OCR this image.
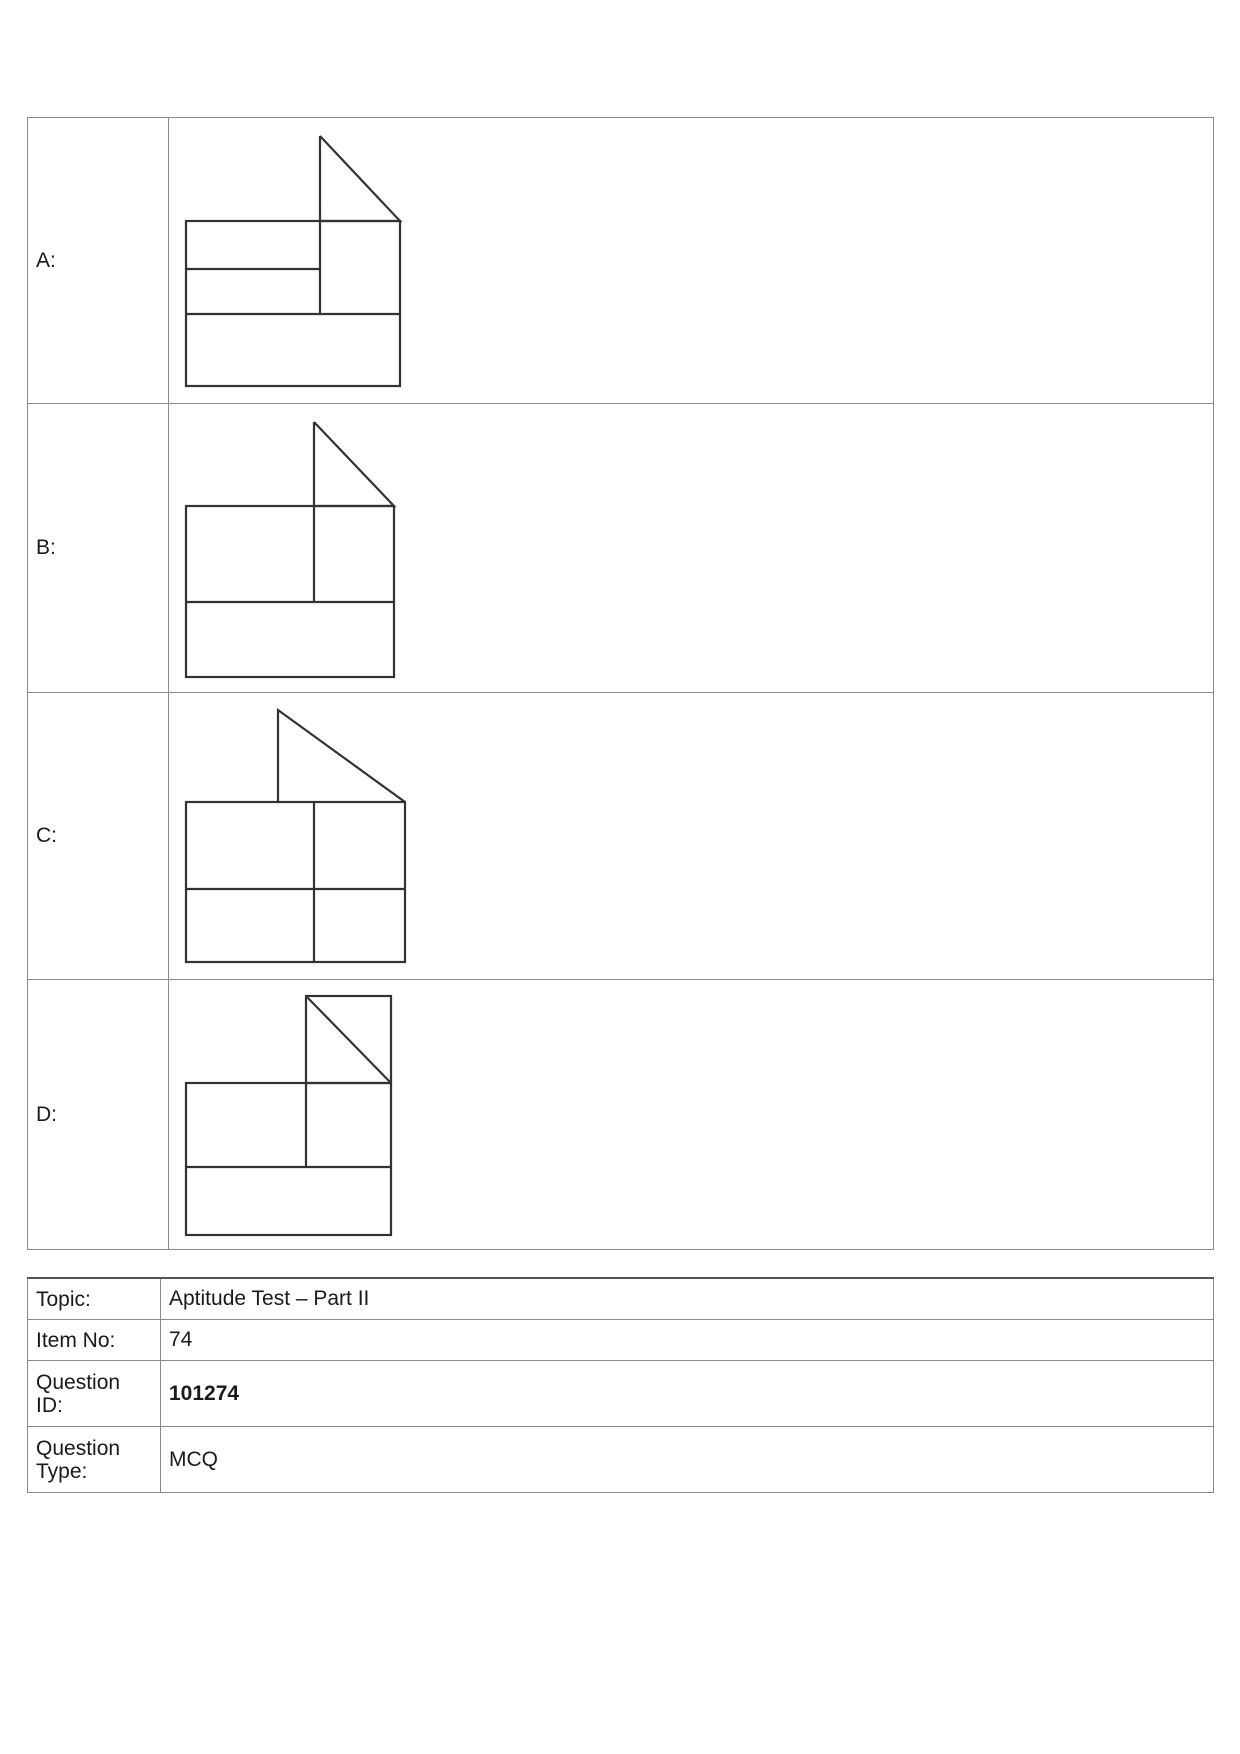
A:	

B:	

C:	

D:	
Topic:	Aptitude Test – Part II
Item No:	74
Question ID:	101274
Question Type:	MCQ
